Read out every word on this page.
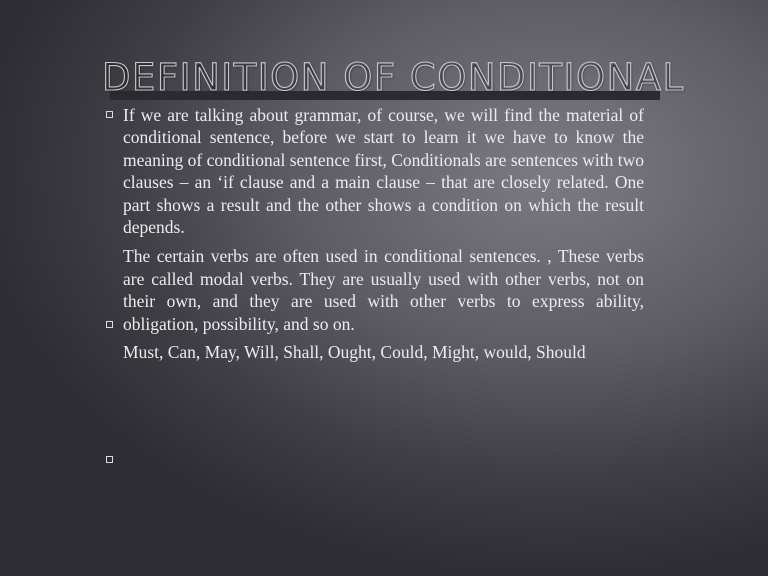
DEFINITION OF CONDITIONAL

If we are talking about grammar, of course, we will find the material of conditional sentence, before we start to learn it we have to know the meaning of conditional sentence first, Conditionals are sentences with two clauses – an ‘if clause and a main clause – that are closely related. One part shows a result and the other shows a condition on which the result depends.

The certain verbs are often used in conditional sentences. , These verbs are called modal verbs. They are usually used with other verbs, not on their own, and they are used with other verbs to express ability, obligation, possibility, and so on.

Must, Can, May, Will, Shall, Ought, Could, Might, would, Should
